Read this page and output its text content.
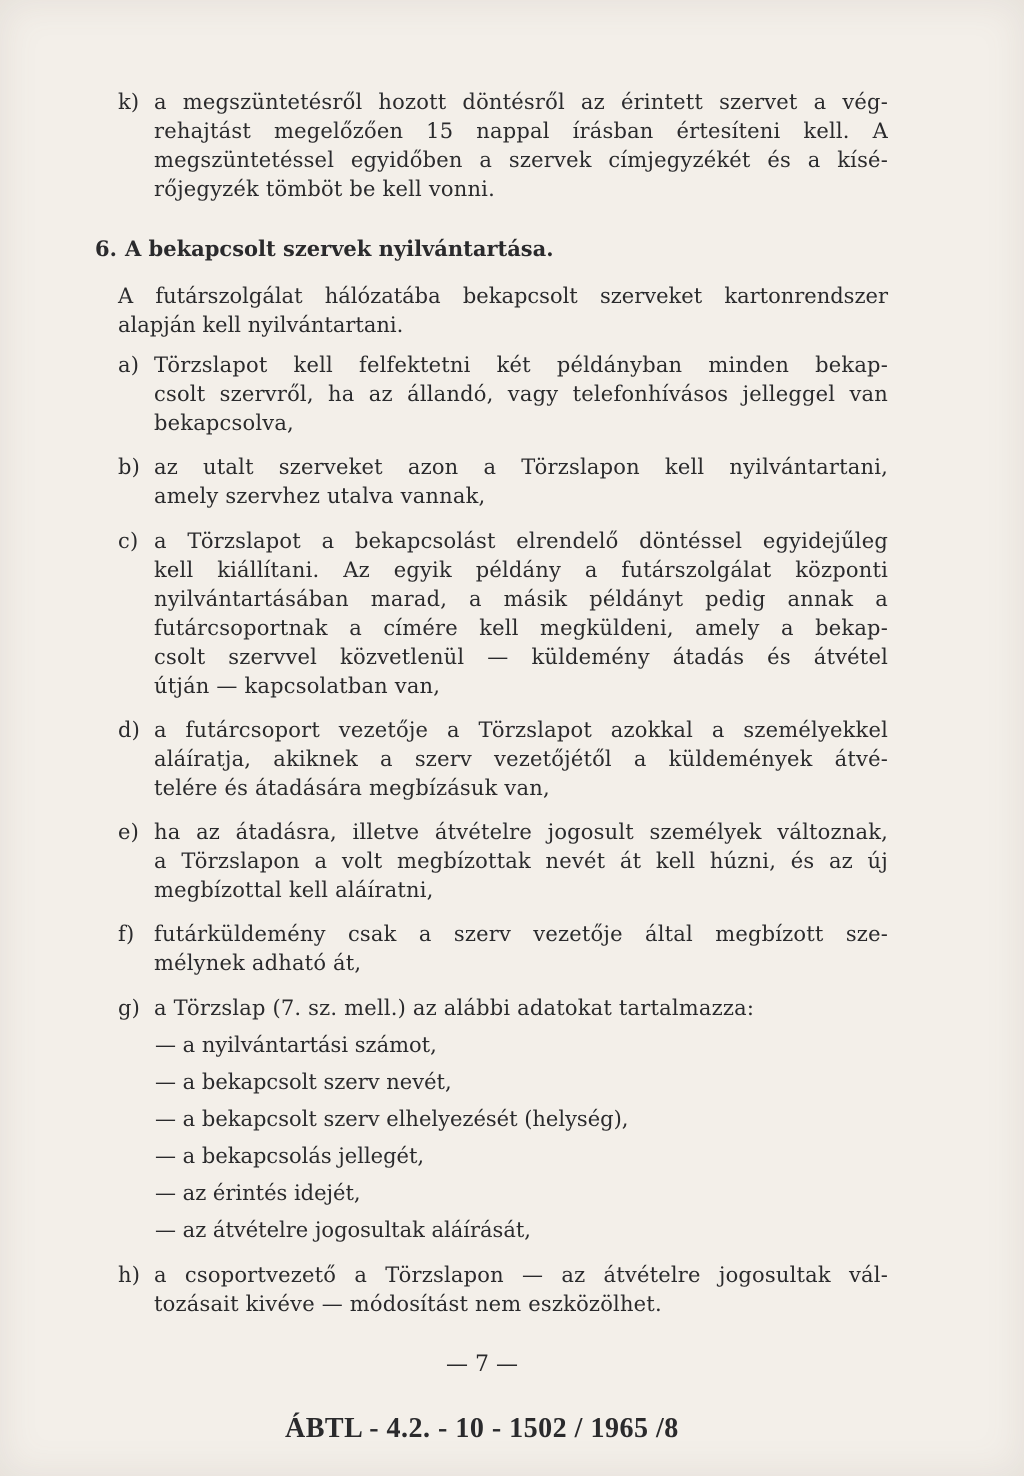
k) a megszüntetésről hozott döntésről az érintett szervet a vég-
rehajtást megelőzően 15 nappal írásban értesíteni kell. A
megszüntetéssel egyidőben a szervek címjegyzékét és a kísé-
rőjegyzék tömböt be kell vonni.
6. A bekapcsolt szervek nyilvántartása.
A futárszolgálat hálózatába bekapcsolt szerveket kartonrendszer
alapján kell nyilvántartani.
a) Törzslapot kell felfektetni két példányban minden bekap-
csolt szervről, ha az állandó, vagy telefonhívásos jelleggel van
bekapcsolva,
b) az utalt szerveket azon a Törzslapon kell nyilvántartani,
amely szervhez utalva vannak,
c) a Törzslapot a bekapcsolást elrendelő döntéssel egyidejűleg
kell kiállítani. Az egyik példány a futárszolgálat központi
nyilvántartásában marad, a másik példányt pedig annak a
futárcsoportnak a címére kell megküldeni, amely a bekap-
csolt szervvel közvetlenül — küldemény átadás és átvétel
útján — kapcsolatban van,
d) a futárcsoport vezetője a Törzslapot azokkal a személyekkel
aláíratja, akiknek a szerv vezetőjétől a küldemények átvé-
telére és átadására megbízásuk van,
e) ha az átadásra, illetve átvételre jogosult személyek változnak,
a Törzslapon a volt megbízottak nevét át kell húzni, és az új
megbízottal kell aláíratni,
f) futárküldemény csak a szerv vezetője által megbízott sze-
mélynek adható át,
g) a Törzslap (7. sz. mell.) az alábbi adatokat tartalmazza:
— a nyilvántartási számot,
— a bekapcsolt szerv nevét,
— a bekapcsolt szerv elhelyezését (helység),
— a bekapcsolás jellegét,
— az érintés idejét,
— az átvételre jogosultak aláírását,
h) a csoportvezető a Törzslapon — az átvételre jogosultak vál-
tozásait kivéve — módosítást nem eszközölhet.
— 7 —
ÁBTL - 4.2. - 10 - 1502 / 1965 /8
